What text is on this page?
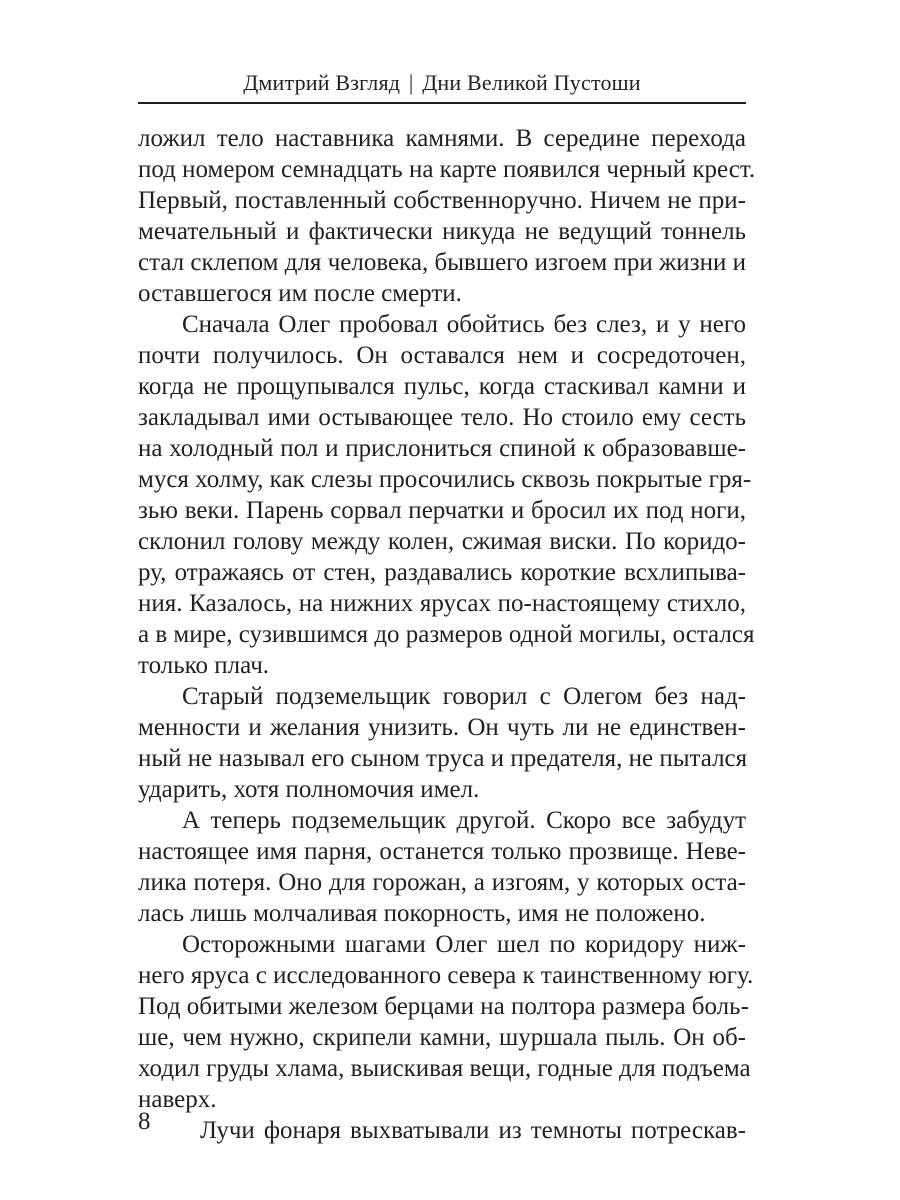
Дмитрий Взгляд | Дни Великой Пустоши
ложил тело наставника камнями. В середине перехода
под номером семнадцать на карте появился черный крест.
Первый, поставленный собственноручно. Ничем не при-
мечательный и фактически никуда не ведущий тоннель
стал склепом для человека, бывшего изгоем при жизни и
оставшегося им после смерти.
Сначала Олег пробовал обойтись без слез, и у него
почти получилось. Он оставался нем и сосредоточен,
когда не прощупывался пульс, когда стаскивал камни и
закладывал ими остывающее тело. Но стоило ему сесть
на холодный пол и прислониться спиной к образовавше-
муся холму, как слезы просочились сквозь покрытые гря-
зью веки. Парень сорвал перчатки и бросил их под ноги,
склонил голову между колен, сжимая виски. По коридо-
ру, отражаясь от стен, раздавались короткие всхлипыва-
ния. Казалось, на нижних ярусах по-настоящему стихло,
а в мире, сузившимся до размеров одной могилы, остался
только плач.
Старый подземельщик говорил с Олегом без над-
менности и желания унизить. Он чуть ли не единствен-
ный не называл его сыном труса и предателя, не пытался
ударить, хотя полномочия имел.
А теперь подземельщик другой. Скоро все забудут
настоящее имя парня, останется только прозвище. Неве-
лика потеря. Оно для горожан, а изгоям, у которых оста-
лась лишь молчаливая покорность, имя не положено.
Осторожными шагами Олег шел по коридору ниж-
него яруса с исследованного севера к таинственному югу.
Под обитыми железом берцами на полтора размера боль-
ше, чем нужно, скрипели камни, шуршала пыль. Он об-
ходил груды хлама, выискивая вещи, годные для подъема
наверх.
Лучи фонаря выхватывали из темноты потрескав-
8
